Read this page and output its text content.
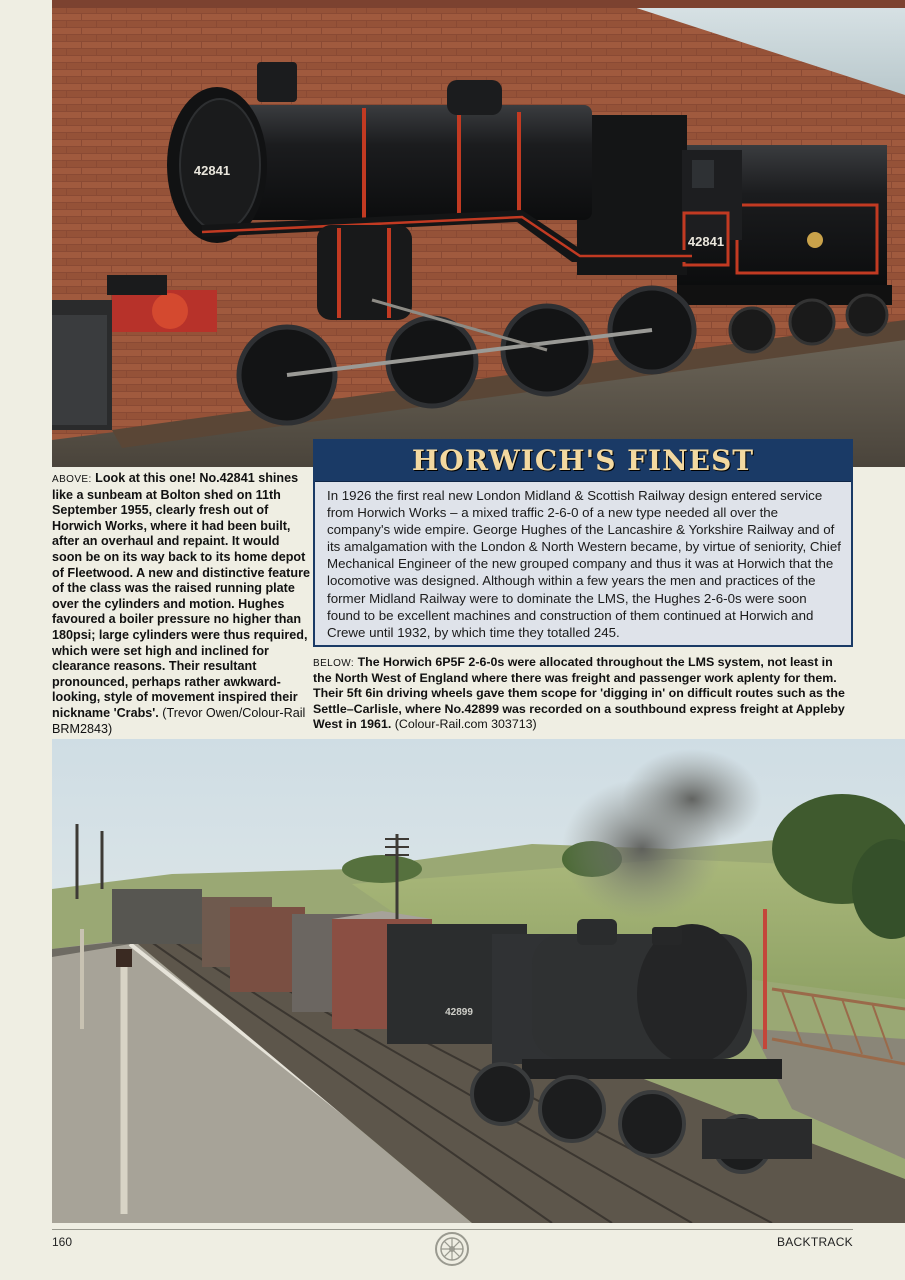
42841
42841
HORWICH'S FINEST
In 1926 the first real new London Midland & Scottish Railway design entered service from Horwich Works – a mixed traffic 2-6-0 of a new type needed all over the company's wide empire. George Hughes of the Lancashire & Yorkshire Railway and of its amalgamation with the London & North Western became, by virtue of seniority, Chief Mechanical Engineer of the new grouped company and thus it was at Horwich that the locomotive was designed. Although within a few years the men and practices of the former Midland Railway were to dominate the LMS, the Hughes 2-6-0s were soon found to be excellent machines and construction of them continued at Horwich and Crewe until 1932, by which time they totalled 245.
ABOVE: Look at this one! No.42841 shines like a sunbeam at Bolton shed on 11th September 1955, clearly fresh out of Horwich Works, where it had been built, after an overhaul and repaint. It would soon be on its way back to its home depot of Fleetwood. A new and distinctive feature of the class was the raised running plate over the cylinders and motion. Hughes favoured a boiler pressure no higher than 180psi; large cylinders were thus required, which were set high and inclined for clearance reasons. Their resultant pronounced, perhaps rather awkward-looking, style of movement inspired their nickname 'Crabs'. (Trevor Owen/Colour-Rail BRM2843)
BELOW: The Horwich 6P5F 2-6-0s were allocated throughout the LMS system, not least in the North West of England where there was freight and passenger work aplenty for them. Their 5ft 6in driving wheels gave them scope for 'digging in' on difficult routes such as the Settle–Carlisle, where No.42899 was recorded on a southbound express freight at Appleby West in 1961. (Colour-Rail.com 303713)
42899
160	BACKTRACK
